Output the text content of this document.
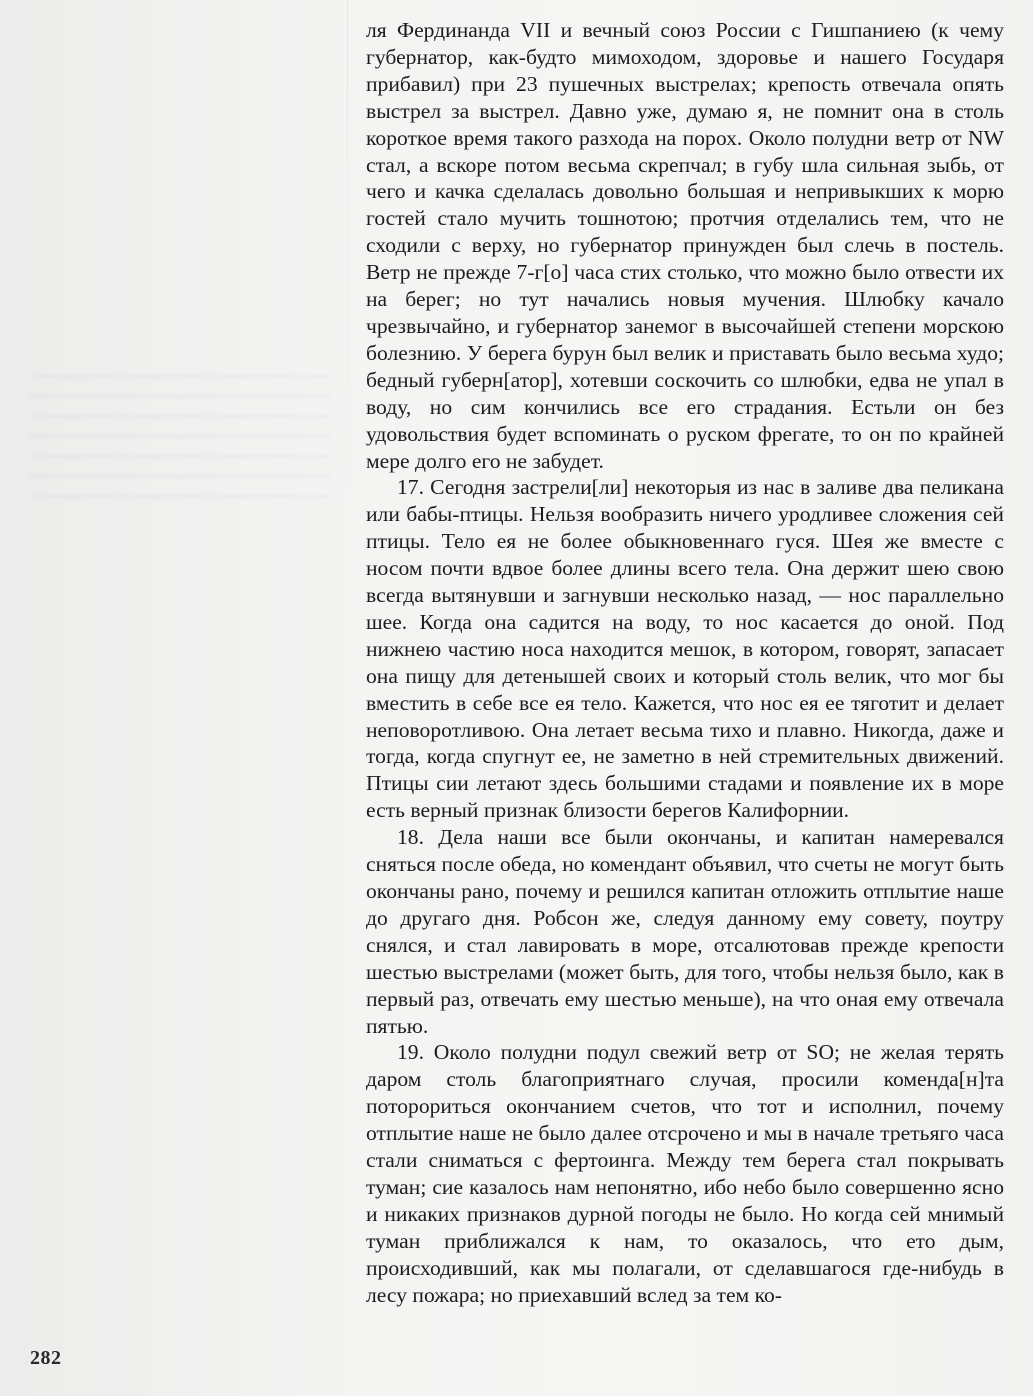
ля Фердинанда VII и вечный союз России с Гишпаниею (к чему губернатор, как-будто мимоходом, здоровье и нашего Государя прибавил) при 23 пушечных выстрелах; крепость отвечала опять выстрел за выстрел. Давно уже, думаю я, не помнит она в столь короткое время такого разхода на порох. Около полудни ветр от NW стал, а вскоре потом весьма скрепчал; в губу шла сильная зыбь, от чего и качка сделалась довольно большая и непривыкших к морю гостей стало мучить тошнотою; протчия отделались тем, что не сходили с верху, но губернатор принужден был слечь в постель. Ветр не прежде 7-г[о] часа стих столько, что можно было отвести их на берег; но тут начались новыя мучения. Шлюбку качало чрезвычайно, и губернатор занемог в высочайшей степени морскою болезнию. У берега бурун был велик и приставать было весьма худо; бедный губерн[атор], хотевши соскочить со шлюбки, едва не упал в воду, но сим кончились все его страдания. Естьли он без удовольствия будет вспоминать о руском фрегате, то он по крайней мере долго его не забудет.

17. Сегодня застрели[ли] некоторыя из нас в заливе два пеликана или бабы-птицы. Нельзя вообразить ничего уродливее сложения сей птицы. Тело ея не более обыкновеннаго гуся. Шея же вместе с носом почти вдвое более длины всего тела. Она держит шею свою всегда вытянувши и загнувши несколько назад, — нос параллельно шее. Когда она садится на воду, то нос касается до оной. Под нижнею частию носа находится мешок, в котором, говорят, запасает она пищу для детенышей своих и который столь велик, что мог бы вместить в себе все ея тело. Кажется, что нос ея ее тяготит и делает неповоротливою. Она летает весьма тихо и плавно. Никогда, даже и тогда, когда спугнут ее, не заметно в ней стремительных движений. Птицы сии летают здесь большими стадами и появление их в море есть верный признак близости берегов Калифорнии.

18. Дела наши все были окончаны, и капитан намеревался сняться после обеда, но комендант объявил, что счеты не могут быть окончаны рано, почему и решился капитан отложить отплытие наше до другаго дня. Робсон же, следуя данному ему совету, поутру снялся, и стал лавировать в море, отсалютовав прежде крепости шестью выстрелами (может быть, для того, чтобы нельзя было, как в первый раз, отвечать ему шестью меньше), на что оная ему отвечала пятью.

19. Около полудни подул свежий ветр от SO; не желая терять даром столь благоприятнаго случая, просили коменда[н]та потороpиться окончанием счетов, что тот и исполнил, почему отплытие наше не было далее отсрочено и мы в начале третьяго часа стали сниматься с фертоинга. Между тем берега стал покрывать туман; сие казалось нам непонятно, ибо небо было совершенно ясно и никаких признаков дурной погоды не было. Но когда сей мнимый туман приближался к нам, то оказалось, что ето дым, происходивший, как мы полагали, от сделавшагося где-нибудь в лесу пожара; но приехавший вслед за тем ко-

282
